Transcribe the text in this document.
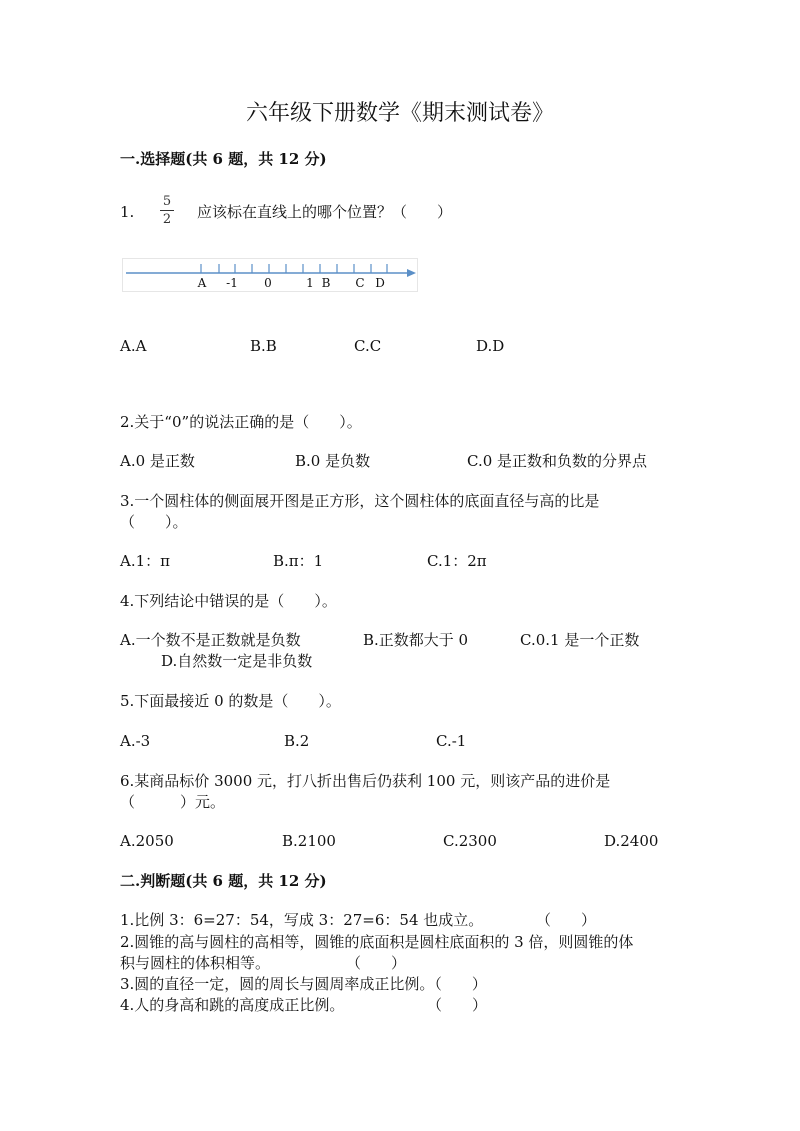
六年级下册数学《期末测试卷》
一.选择题(共 6 题，共 12 分)
1.
5
2	应该标在直线上的哪个位置？（　　）
A -1 0	1 B C D
A.A	B.B	C.C	D.D
2.关于“0”的说法正确的是（　　）。
A.0 是正数	B.0 是负数	C.0 是正数和负数的分界点
3.一个圆柱体的侧面展开图是正方形，这个圆柱体的底面直径与高的比是
（　　）。
A.1：π	B.π：1	C.1：2π
4.下列结论中错误的是（　　）。
A.一个数不是正数就是负数	B.正数都大于 0	C.0.1 是一个正数
D.自然数一定是非负数
5.下面最接近 0 的数是（　　）。
A.-3	B.2	C.-1
6.某商品标价 3000 元，打八折出售后仍获利 100 元，则该产品的进价是
（　　　）元。
A.2050	B.2100	C.2300	D.2400
二.判断题(共 6 题，共 12 分)
1.比例 3：6=27：54，写成 3：27=6：54 也成立。	（　　）
2.圆锥的高与圆柱的高相等，圆锥的底面积是圆柱底面积的 3 倍，则圆锥的体
积与圆柱的体积相等。	（　　）
3.圆的直径一定，圆的周长与圆周率成正比例。（　　）
4.人的身高和跳的高度成正比例。	（　　）
